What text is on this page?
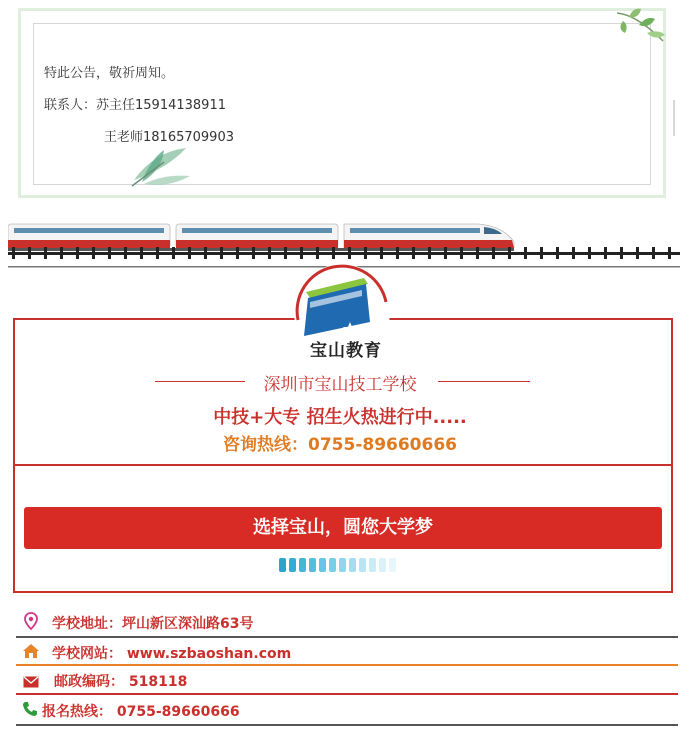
特此公告，敬祈周知。
联系人：苏主任15914138911
王老师18165709903
宝山教育
深圳市宝山技工学校
中技+大专 招生火热进行中.....
咨询热线：0755-89660666
选择宝山，圆您大学梦
学校地址：坪山新区深汕路63号
学校网站： www.szbaoshan.com
邮政编码： 518118
报名热线： 0755-89660666
